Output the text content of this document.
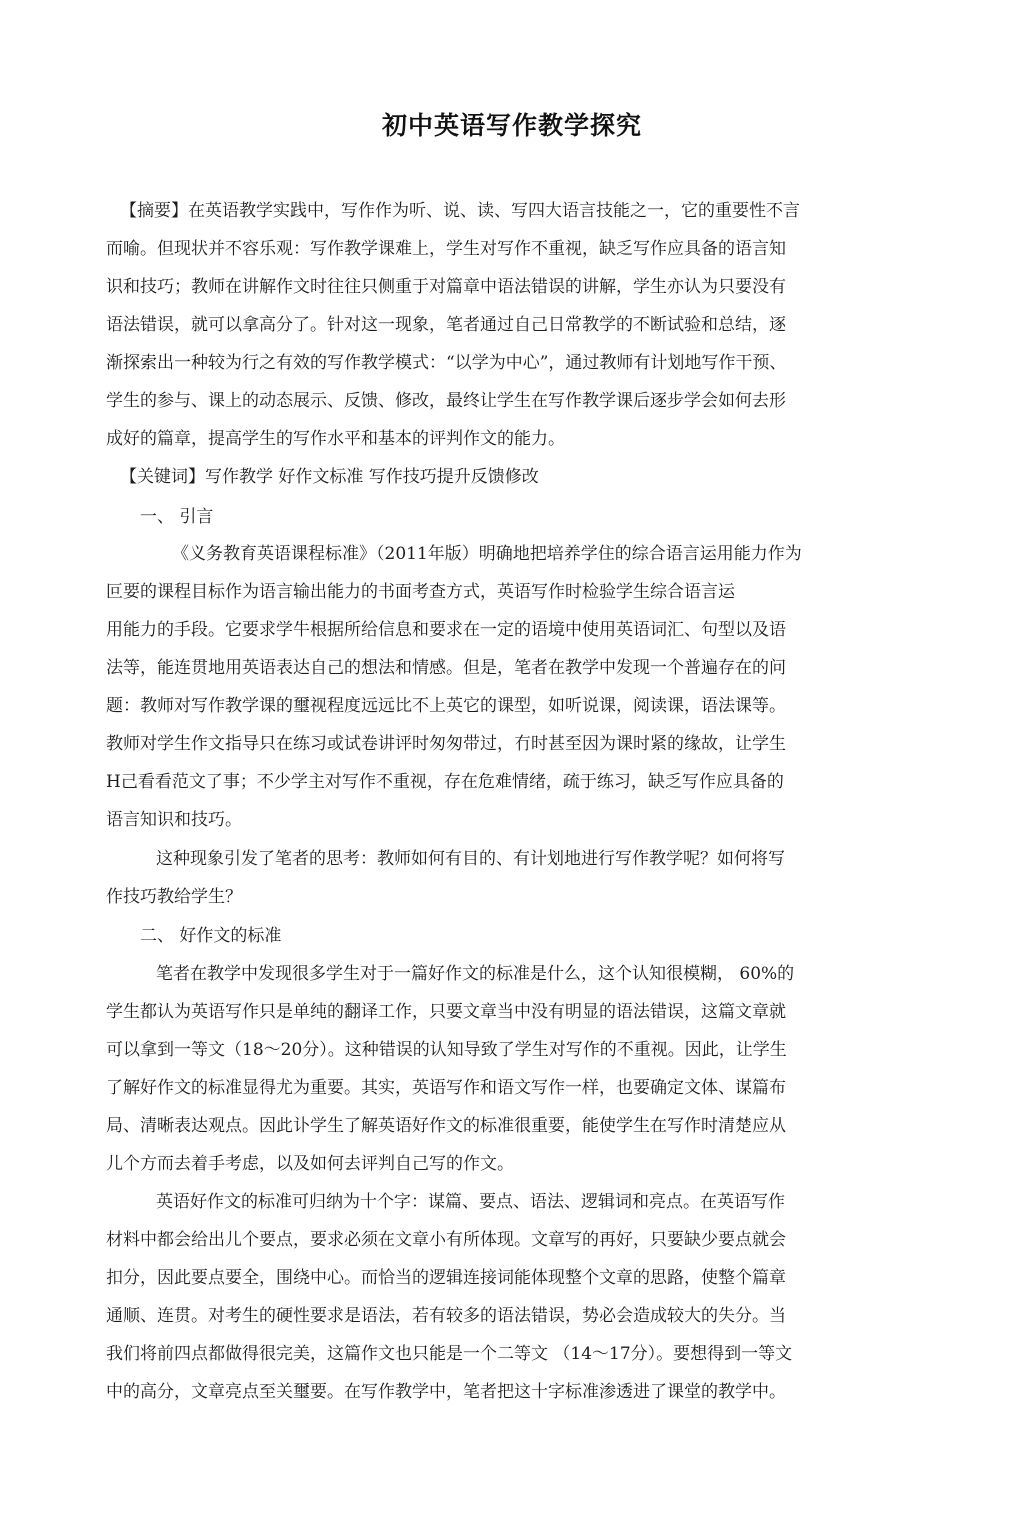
初中英语写作教学探究
【摘要】在英语教学实践中，写作作为听、说、读、写四大语言技能之一，它的重要性不言
而喻。但现状并不容乐观：写作教学课难上，学生对写作不重视，缺乏写作应具备的语言知
识和技巧；教师在讲解作文时往往只侧重于对篇章中语法错误的讲解，学生亦认为只要没有
语法错误，就可以拿高分了。针对这一现象，笔者通过自己日常教学的不断试验和总结，逐
渐探索出一种较为行之有效的写作教学模式：“以学为中心”，通过教师有计划地写作干预、
学生的参与、课上的动态展示、反馈、修改，最终让学生在写作教学课后逐步学会如何去形
成好的篇章，提高学生的写作水平和基本的评判作文的能力。
【关键词】写作教学 好作文标准 写作技巧提升反馈修改
一、 引言
《义务教育英语课程标准》（2011年版）明确地把培养学住的综合语言运用能力作为
叵要的课程目标作为语言输出能力的书面考查方式，英语写作时检验学生综合语言运
用能力的手段。它要求学牛根据所给信息和要求在一定的语境中使用英语词汇、句型以及语
法等，能连贯地用英语表达自己的想法和情感。但是，笔者在教学中发现一个普遍存在的问
题：教师对写作教学课的璽视程度远远比不上英它的课型，如听说课，阅读课，语法课等。
教师对学生作文指导只在练习或试卷讲评时匆匆带过，冇时甚至因为课时紧的缘故，让学生
H己看看范文了事；不少学主对写作不重视，存在危难情绪，疏于练习，缺乏写作应具备的
语言知识和技巧。
这种现象引发了笔者的思考：教师如何有目的、有计划地进行写作教学呢？如何将写
作技巧教给学生？
二、 好作文的标准
笔者在教学中发现很多学生对于一篇好作文的标准是什么，这个认知很模糊， 60%的
学生都认为英语写作只是单纯的翻译工作，只要文章当中没有明显的语法错误，这篇文章就
可以拿到一等文（18～20分）。这种错误的认知导致了学生对写作的不重视。因此，让学生
了解好作文的标准显得尤为重要。其实，英语写作和语文写作一样，也要确定文体、谋篇布
局、清晰表达观点。因此讣学生了解英语好作文的标准很重要，能使学生在写作时清楚应从
儿个方而去着手考虑，以及如何去评判自己写的作文。
英语好作文的标准可归纳为十个字：谋篇、要点、语法、逻辑词和亮点。在英语写作
材料中都会给出儿个要点，要求必须在文章小有所体现。文章写的再好，只要缺少要点就会
扣分，因此要点要全，围绕中心。而恰当的逻辑连接词能体现整个文章的思路，使整个篇章
通顺、连贯。对考生的硬性要求是语法，若有较多的语法错误，势必会造成较大的失分。当
我们将前四点都做得很完美，这篇作文也只能是一个二等文 （14～17分）。要想得到一等文
中的高分，文章亮点至关璽要。在写作教学中，笔者把这十字标准渗透进了课堂的教学中。
